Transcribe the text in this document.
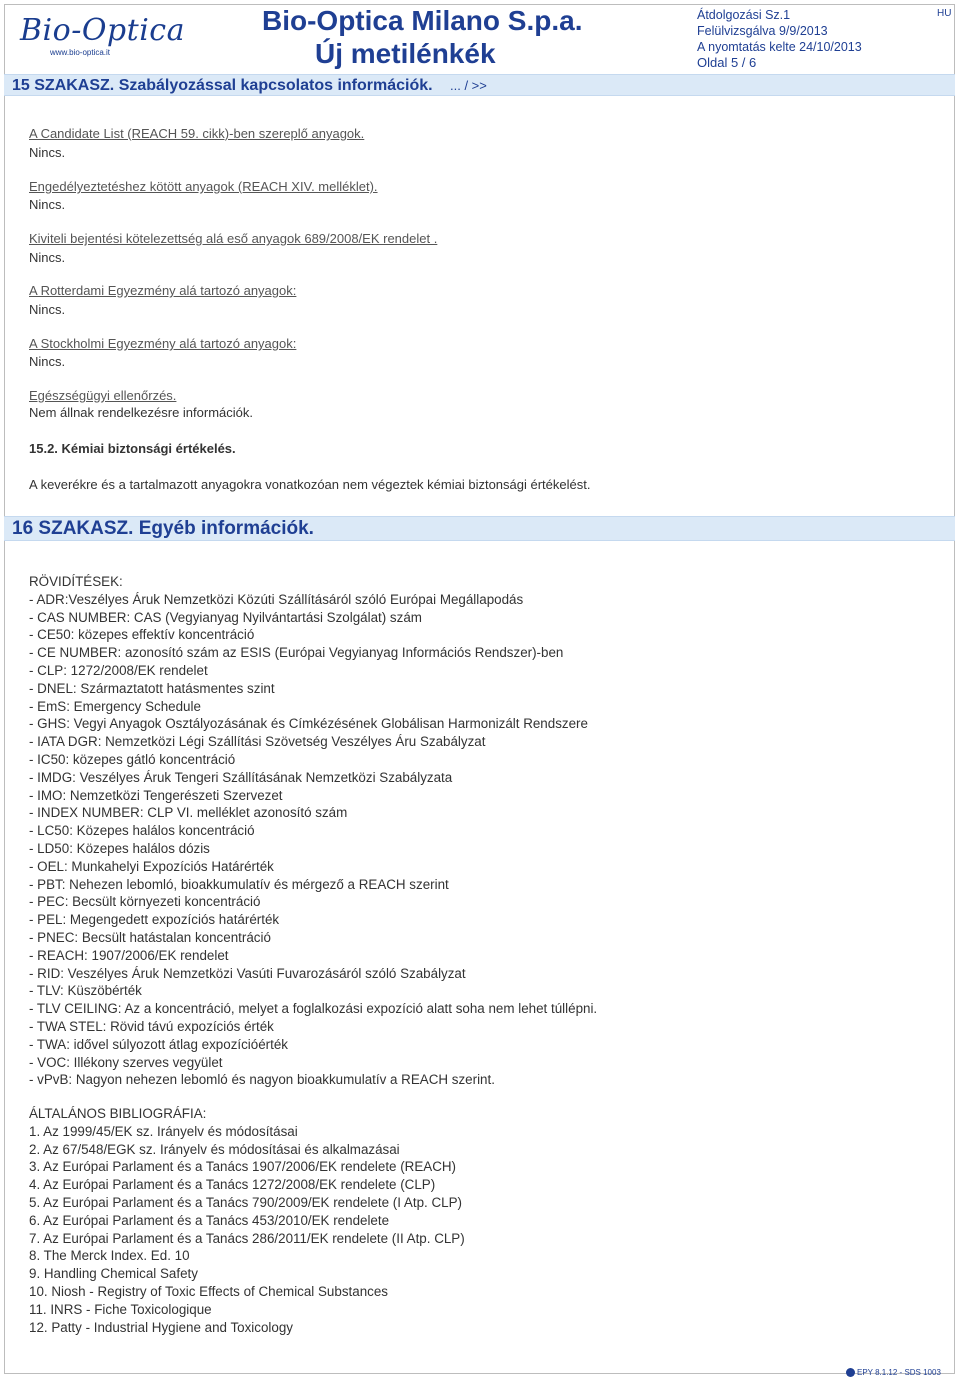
Bio-Optica
www.bio-optica.it
Bio-Optica Milano S.p.a.
Új metilénkék
Átdolgozási Sz.1
Felülvizsgálva 9/9/2013
A nyomtatás kelte 24/10/2013
Oldal 5 / 6
HU
15 SZAKASZ. Szabályozással kapcsolatos információk. ... / >>
A Candidate List (REACH 59. cikk)-ben szereplő anyagok.
Nincs.
Engedélyeztetéshez kötött anyagok (REACH XIV. melléklet).
Nincs.
Kiviteli bejentési kötelezettség alá eső anyagok 689/2008/EK rendelet .
Nincs.
A Rotterdami Egyezmény alá tartozó anyagok:
Nincs.
A Stockholmi Egyezmény alá tartozó anyagok:
Nincs.
Egészségügyi ellenőrzés.
Nem állnak rendelkezésre információk.
15.2. Kémiai biztonsági értékelés.
A keverékre és a tartalmazott anyagokra vonatkozóan nem végeztek kémiai biztonsági értékelést.
16 SZAKASZ. Egyéb információk.
RÖVIDÍTÉSEK:
- ADR:Veszélyes Áruk Nemzetközi Közúti Szállításáról szóló Európai Megállapodás
- CAS NUMBER: CAS (Vegyianyag Nyilvántartási Szolgálat) szám
- CE50: közepes effektív koncentráció
- CE NUMBER: azonosító szám az ESIS (Európai Vegyianyag Információs Rendszer)-ben
- CLP: 1272/2008/EK rendelet
- DNEL: Származtatott hatásmentes szint
- EmS: Emergency Schedule
- GHS: Vegyi Anyagok Osztályozásának és Címkézésének Globálisan Harmonizált Rendszere
- IATA DGR: Nemzetközi Légi Szállítási Szövetség Veszélyes Áru Szabályzat
- IC50: közepes gátló koncentráció
- IMDG: Veszélyes Áruk Tengeri Szállításának Nemzetközi Szabályzata
- IMO: Nemzetközi Tengerészeti Szervezet
- INDEX NUMBER: CLP VI. melléklet azonosító szám
- LC50: Közepes halálos koncentráció
- LD50: Közepes halálos dózis
- OEL: Munkahelyi Expozíciós Határérték
- PBT: Nehezen lebomló, bioakkumulatív és mérgező a REACH szerint
- PEC: Becsült környezeti koncentráció
- PEL: Megengedett expozíciós határérték
- PNEC: Becsült hatástalan koncentráció
- REACH: 1907/2006/EK rendelet
- RID: Veszélyes Áruk Nemzetközi Vasúti Fuvarozásáról szóló Szabályzat
- TLV: Küszöbérték
- TLV CEILING: Az a koncentráció, melyet a foglalkozási expozíció alatt soha nem lehet túllépni.
- TWA STEL: Rövid távú expozíciós érték
- TWA: idővel súlyozott átlag expozícióérték
- VOC: Illékony szerves vegyület
- vPvB: Nagyon nehezen lebomló és nagyon bioakkumulatív a REACH szerint.
ÁLTALÁNOS BIBLIOGRÁFIA:
1. Az 1999/45/EK sz. Irányelv és módosításai
2. Az 67/548/EGK sz. Irányelv és módosításai és alkalmazásai
3. Az Európai Parlament és a Tanács 1907/2006/EK rendelete (REACH)
4. Az Európai Parlament és a Tanács 1272/2008/EK rendelete (CLP)
5. Az Európai Parlament és a Tanács 790/2009/EK rendelete (I Atp. CLP)
6. Az Európai Parlament és a Tanács 453/2010/EK rendelete
7. Az Európai Parlament és a Tanács 286/2011/EK rendelete (II Atp. CLP)
8. The Merck Index. Ed. 10
9. Handling Chemical Safety
10. Niosh - Registry of Toxic Effects of Chemical Substances
11. INRS - Fiche Toxicologique
12. Patty - Industrial Hygiene and Toxicology
EPY 8.1.12 - SDS 1003
